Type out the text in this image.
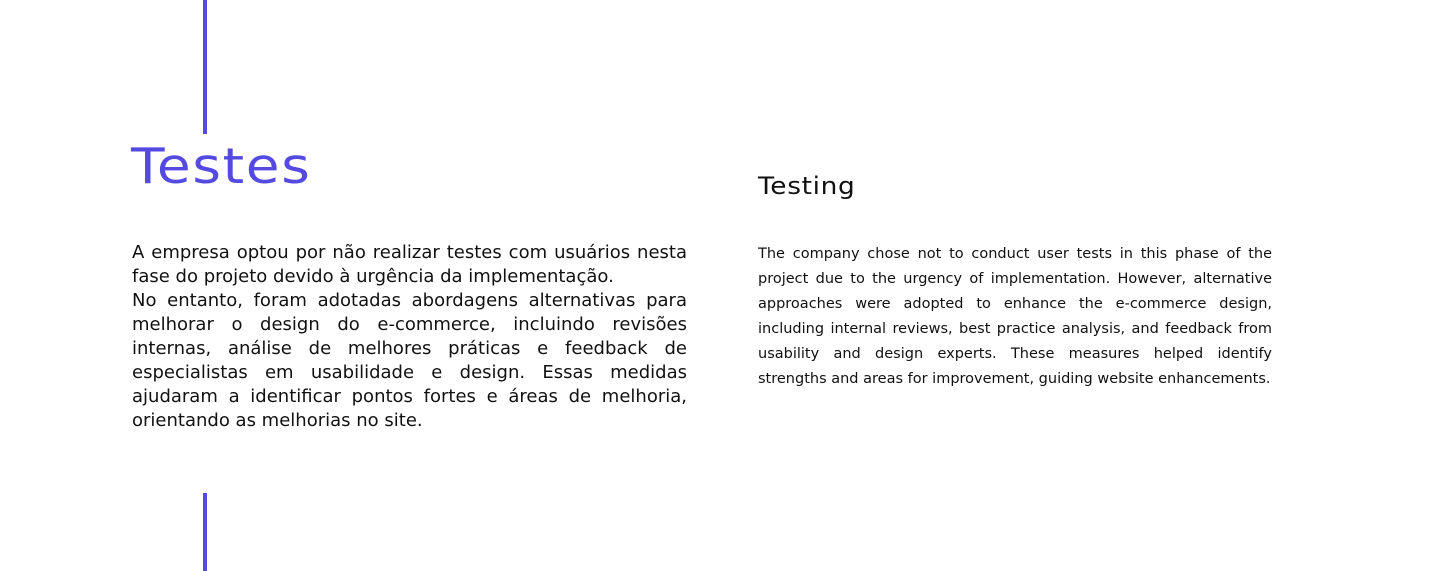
Testes

A empresa optou por não realizar testes com usuários nesta fase do projeto devido à urgência da implementação.

No entanto, foram adotadas abordagens alternativas para melhorar o design do e-commerce, incluindo revisões internas, análise de melhores práticas e feedback de especialistas em usabilidade e design. Essas medidas ajudaram a identificar pontos fortes e áreas de melhoria, orientando as melhorias no site.

Testing

The company chose not to conduct user tests in this phase of the project due to the urgency of implementation. However, alternative approaches were adopted to enhance the e-commerce design, including internal reviews, best practice analysis, and feedback from usability and design experts. These measures helped identify strengths and areas for improvement, guiding website enhancements.
